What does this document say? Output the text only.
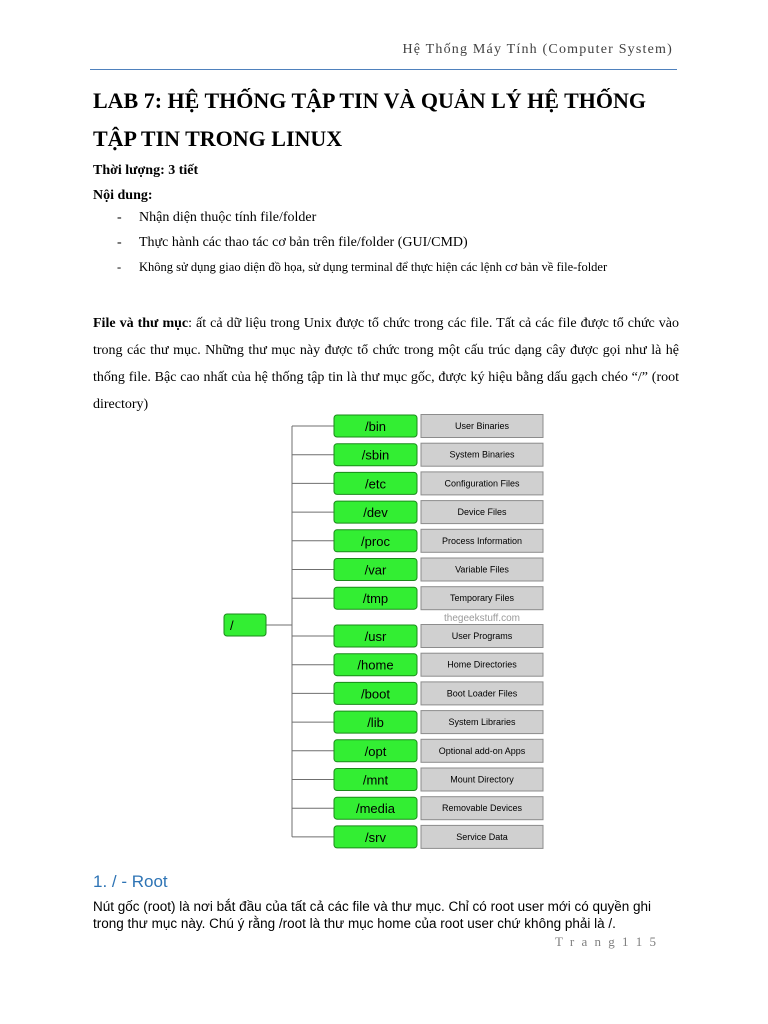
Hệ Thống Máy Tính (Computer System)
LAB 7: HỆ THỐNG TẬP TIN VÀ QUẢN LÝ HỆ THỐNG TẬP TIN TRONG LINUX
Thời lượng: 3 tiết
Nội dung:
- Nhận diện thuộc tính file/folder
- Thực hành các thao tác cơ bản trên file/folder (GUI/CMD)
- Không sử dụng giao diện đồ họa, sử dụng terminal để thực hiện các lệnh cơ bản về file-folder

File và thư mục: ất cả dữ liệu trong Unix được tổ chức trong các file. Tất cả các file được tổ chức vào trong các thư mục. Những thư mục này được tổ chức trong một cấu trúc dạng cây được gọi như là hệ thống file. Bậc cao nhất của hệ thống tập tin là thư mục gốc, được ký hiệu bằng dấu gạch chéo “/” (root directory)

/
/bin	User Binaries
/sbin	System Binaries
/etc	Configuration Files
/dev	Device Files
/proc	Process Information
/var	Variable Files
/tmp	Temporary Files
/usr	User Programs
/home	Home Directories
/boot	Boot Loader Files
/lib	System Libraries
/opt	Optional add-on Apps
/mnt	Mount Directory
/media	Removable Devices
/srv	Service Data
thegeekstuff.com
1. / - Root

Nút gốc (root) là nơi bắt đầu của tất cả các file và thư mục. Chỉ có root user mới có quyền ghi trong thư mục này. Chú ý rằng /root là thư mục home của root user chứ không phải là /.

T r a n g 1 1 5
